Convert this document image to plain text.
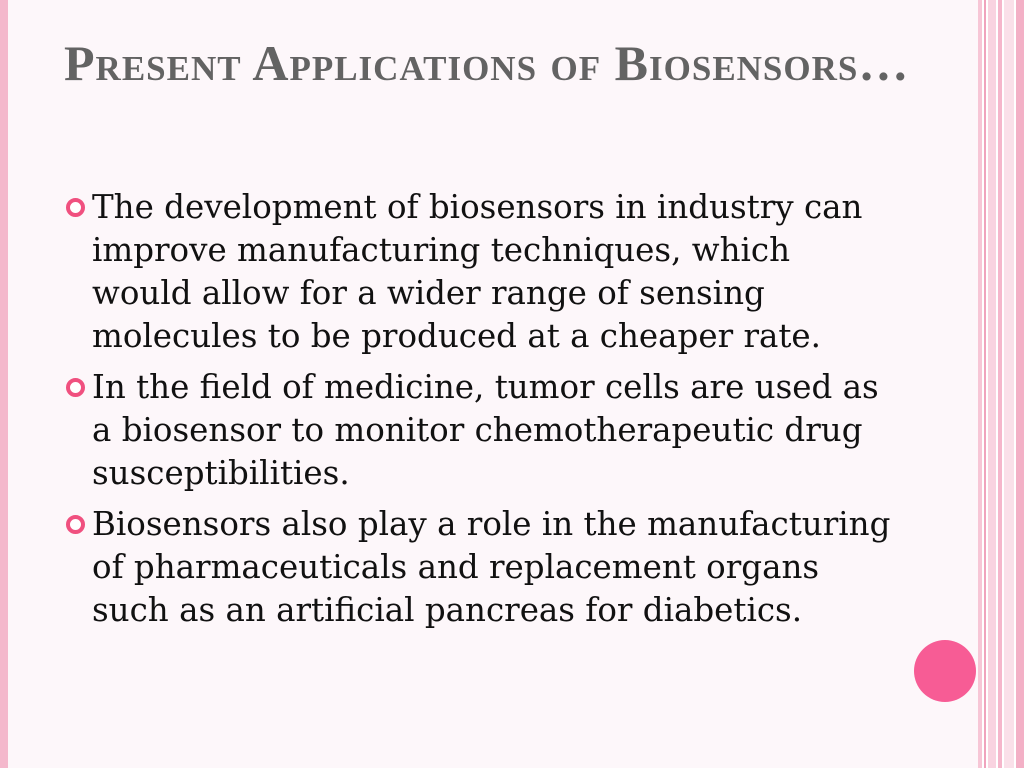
Present Applications of Biosensors…
The development of biosensors in industry can improve manufacturing techniques, which would allow for a wider range of sensing molecules to be produced at a cheaper rate.
In the field of medicine, tumor cells are used as a biosensor to monitor chemotherapeutic drug susceptibilities.
Biosensors also play a role in the manufacturing of pharmaceuticals and replacement organs such as an artificial pancreas for diabetics.
